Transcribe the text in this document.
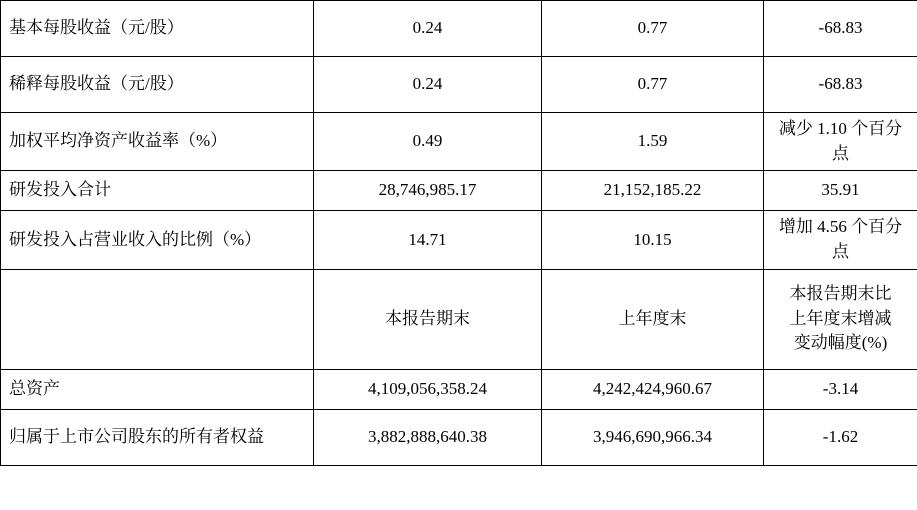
基本每股收益（元/股）	0.24	0.77	-68.83
稀释每股收益（元/股）	0.24	0.77	-68.83
加权平均净资产收益率（%）	0.49	1.59	减少 1.10 个百分点
研发投入合计	28,746,985.17	21,152,185.22	35.91
研发投入占营业收入的比例（%）	14.71	10.15	增加 4.56 个百分点
	本报告期末	上年度末	本报告期末比
上年度末增减
变动幅度(%)

总资产	4,109,056,358.24	4,242,424,960.67	-3.14
归属于上市公司股东的所有者权益	3,882,888,640.38	3,946,690,966.34	-1.62
